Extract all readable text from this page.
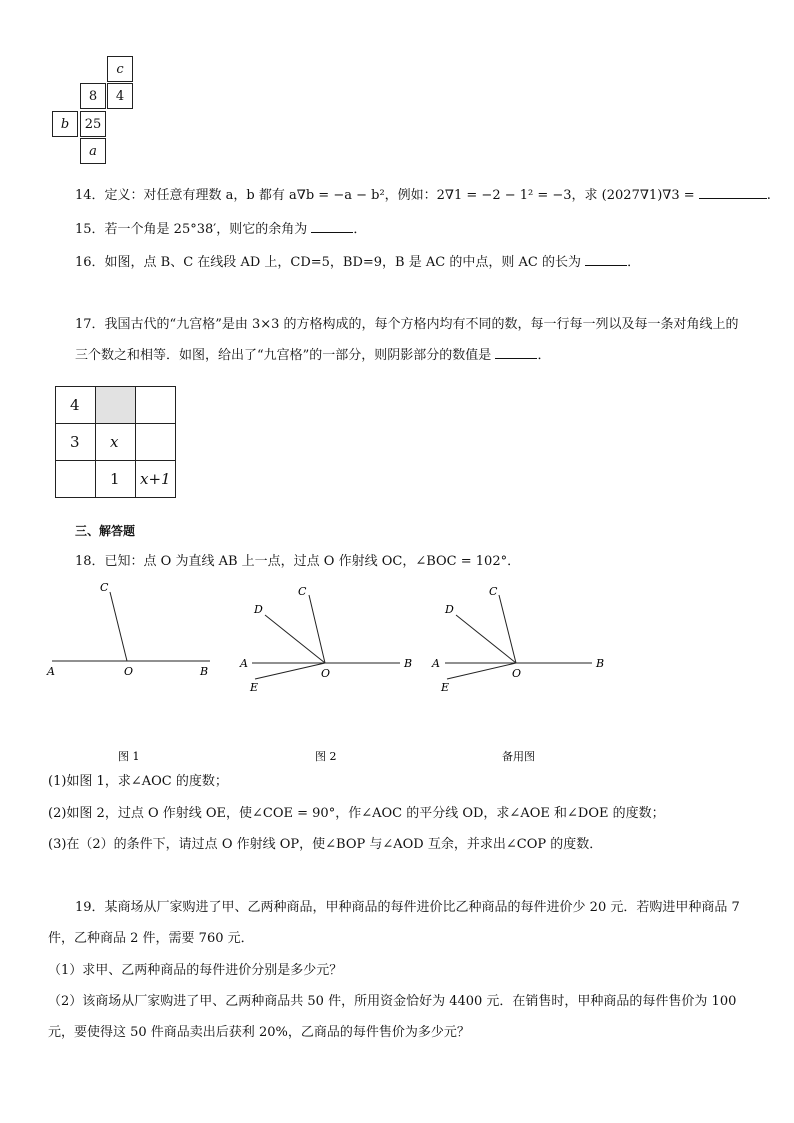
c
8	4
b	25
a
14．定义：对任意有理数 a，b 都有 a∇b = −a − b²，例如：2∇1 = −2 − 1² = −3，求 (2027∇1)∇3 =	.
15．若一个角是 25°38′，则它的余角为	．
16．如图，点 B、C 在线段 AD 上，CD=5，BD=9，B 是 AC 的中点，则 AC 的长为	．
17．我国古代的“九宫格”是由 3×3 的方格构成的，每个方格内均有不同的数，每一行每一列以及每一条对角线上的
三个数之和相等．如图，给出了“九宫格”的一部分，则阴影部分的数值是	．
4		
3	x	
	1	x+1
三、解答题
18．已知：点 O 为直线 AB 上一点，过点 O 作射线 OC，∠BOC = 102°．
C
A	O	B
图 1
C
D
A
O
B
E
图 2
C
D
A
O
B
E
备用图
(1)如图 1，求∠AOC 的度数；
(2)如图 2，过点 O 作射线 OE，使∠COE = 90°，作∠AOC 的平分线 OD，求∠AOE 和∠DOE 的度数；
(3)在（2）的条件下，请过点 O 作射线 OP，使∠BOP 与∠AOD 互余，并求出∠COP 的度数．
19．某商场从厂家购进了甲、乙两种商品，甲种商品的每件进价比乙种商品的每件进价少 20 元．若购进甲种商品 7
件，乙种商品 2 件，需要 760 元．
（1）求甲、乙两种商品的每件进价分别是多少元？
（2）该商场从厂家购进了甲、乙两种商品共 50 件，所用资金恰好为 4400 元．在销售时，甲种商品的每件售价为 100
元，要使得这 50 件商品卖出后获利 20%，乙商品的每件售价为多少元？
